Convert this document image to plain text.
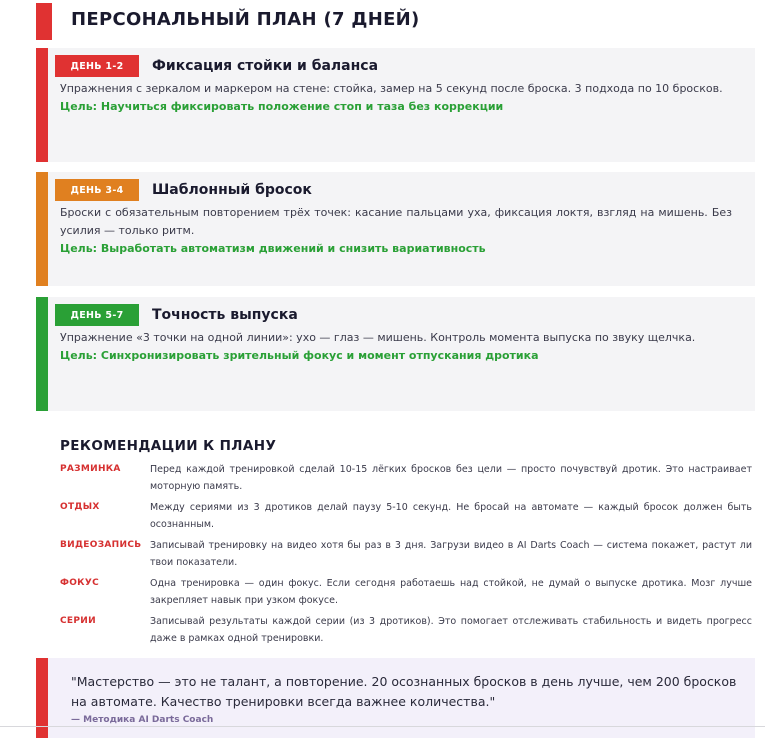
ПЕРСОНАЛЬНЫЙ ПЛАН (7 ДНЕЙ)
ДЕНЬ 1-2	Фиксация стойки и баланса
Упражнения с зеркалом и маркером на стене: стойка, замер на 5 секунд после броска. 3 подхода по 10 бросков.
Цель: Научиться фиксировать положение стоп и таза без коррекции
ДЕНЬ 3-4	Шаблонный бросок
Броски с обязательным повторением трёх точек: касание пальцами уха, фиксация локтя, взгляд на мишень. Без усилия — только ритм.
Цель: Выработать автоматизм движений и снизить вариативность
ДЕНЬ 5-7	Точность выпуска
Упражнение «3 точки на одной линии»: ухо — глаз — мишень. Контроль момента выпуска по звуку щелчка.
Цель: Синхронизировать зрительный фокус и момент отпускания дротика
РЕКОМЕНДАЦИИ К ПЛАНУ
РАЗМИНКА	Перед каждой тренировкой сделай 10-15 лёгких бросков без цели — просто почувствуй дротик. Это настраивает моторную память.
ОТДЫХ	Между сериями из 3 дротиков делай паузу 5-10 секунд. Не бросай на автомате — каждый бросок должен быть осознанным.
ВИДЕОЗАПИСЬ Записывай тренировку на видео хотя бы раз в 3 дня. Загрузи видео в AI Darts Coach — система покажет, растут ли твои показатели.
ФОКУС	Одна тренировка — один фокус. Если сегодня работаешь над стойкой, не думай о выпуске дротика. Мозг лучше закрепляет навык при узком фокусе.
СЕРИИ	Записывай результаты каждой серии (из 3 дротиков). Это помогает отслеживать стабильность и видеть прогресс даже в рамках одной тренировки.
"Мастерство — это не талант, а повторение. 20 осознанных бросков в день лучше, чем 200 бросков на автомате. Качество тренировки всегда важнее количества."
— Методика AI Darts Coach
